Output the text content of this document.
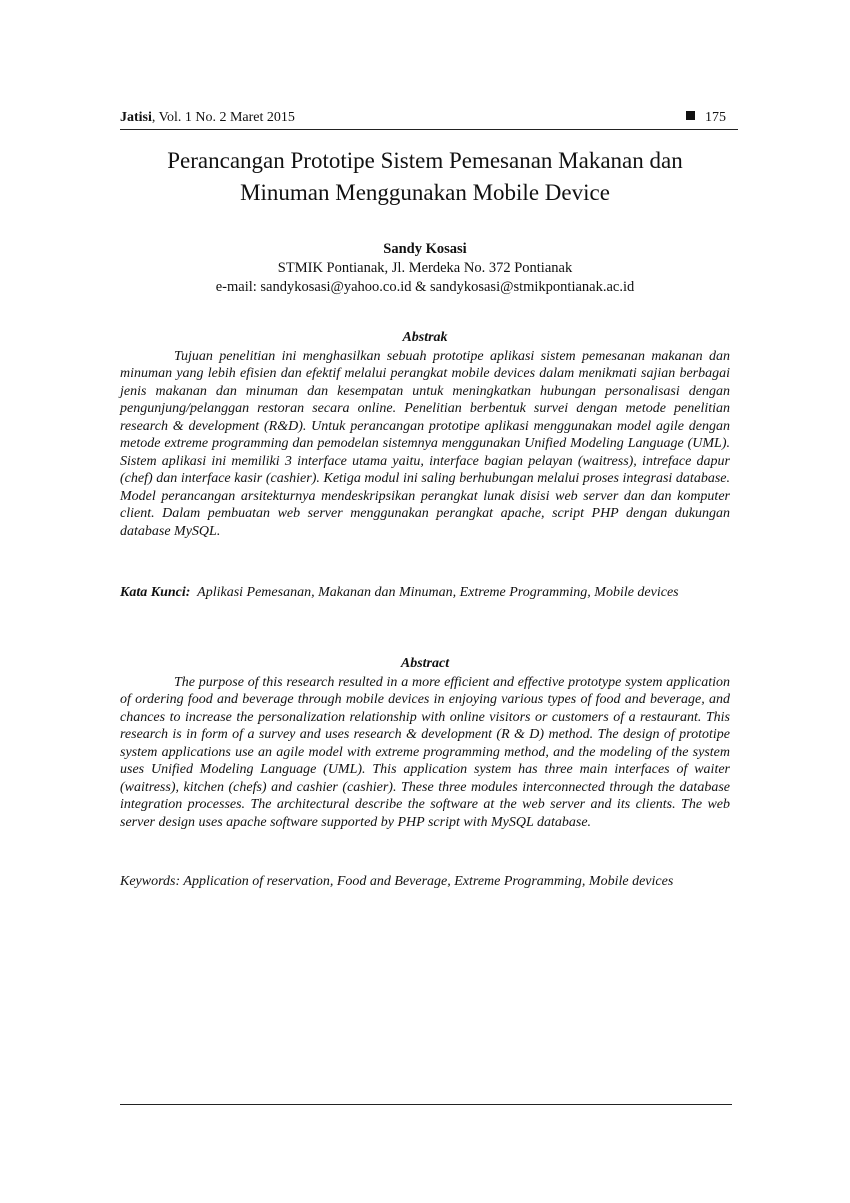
Jatisi, Vol. 1 No. 2 Maret 2015	175
Perancangan Prototipe Sistem Pemesanan Makanan dan
Minuman Menggunakan Mobile Device
Sandy Kosasi
STMIK Pontianak, Jl. Merdeka No. 372 Pontianak
e-mail: sandykosasi@yahoo.co.id & sandykosasi@stmikpontianak.ac.id
Abstrak
Tujuan penelitian ini menghasilkan sebuah prototipe aplikasi sistem pemesanan makanan dan minuman yang lebih efisien dan efektif melalui perangkat mobile devices dalam menikmati sajian berbagai jenis makanan dan minuman dan kesempatan untuk meningkatkan hubungan personalisasi dengan pengunjung/pelanggan restoran secara online. Penelitian berbentuk survei dengan metode penelitian research & development (R&D). Untuk perancangan prototipe aplikasi menggunakan model agile dengan metode extreme programming dan pemodelan sistemnya menggunakan Unified Modeling Language (UML). Sistem aplikasi ini memiliki 3 interface utama yaitu, interface bagian pelayan (waitress), intreface dapur (chef) dan interface kasir (cashier). Ketiga modul ini saling berhubungan melalui proses integrasi database. Model perancangan arsitekturnya mendeskripsikan perangkat lunak disisi web server dan dan komputer client. Dalam pembuatan web server menggunakan perangkat apache, script PHP dengan dukungan database MySQL.
Kata Kunci: Aplikasi Pemesanan, Makanan dan Minuman, Extreme Programming, Mobile devices
Abstract
The purpose of this research resulted in a more efficient and effective prototype system application of ordering food and beverage through mobile devices in enjoying various types of food and beverage, and chances to increase the personalization relationship with online visitors or customers of a restaurant. This research is in form of a survey and uses research & development (R & D) method. The design of prototipe system applications use an agile model with extreme programming method, and the modeling of the system uses Unified Modeling Language (UML). This application system has three main interfaces of waiter (waitress), kitchen (chefs) and cashier (cashier). These three modules interconnected through the database integration processes. The architectural describe the software at the web server and its clients. The web server design uses apache software supported by PHP script with MySQL database.
Keywords: Application of reservation, Food and Beverage, Extreme Programming, Mobile devices
